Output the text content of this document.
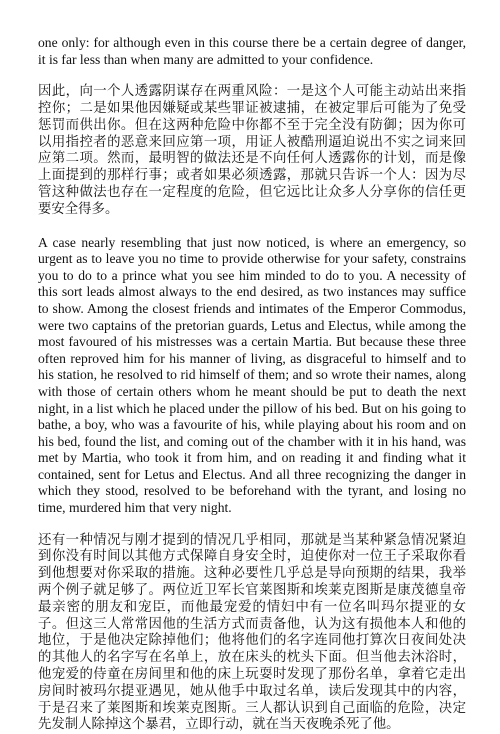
one only: for although even in this course there be a certain degree of danger, it is far less than when many are admitted to your confidence.

因此，向一个人透露阴谋存在两重风险：一是这个人可能主动站出来指控你；二是如果他因嫌疑或某些罪证被逮捕，在被定罪后可能为了免受惩罚而供出你。但在这两种危险中你都不至于完全没有防御；因为你可以用指控者的恶意来回应第一项，用证人被酷刑逼迫说出不实之词来回应第二项。然而，最明智的做法还是不向任何人透露你的计划，而是像上面提到的那样行事；或者如果必须透露，那就只告诉一个人：因为尽管这种做法也存在一定程度的危险，但它远比让众多人分享你的信任更要安全得多。

A case nearly resembling that just now noticed, is where an emergency, so urgent as to leave you no time to provide otherwise for your safety, constrains you to do to a prince what you see him minded to do to you. A necessity of this sort leads almost always to the end desired, as two instances may suffice to show. Among the closest friends and intimates of the Emperor Commodus, were two captains of the pretorian guards, Letus and Electus, while among the most favoured of his mistresses was a certain Martia. But because these three often reproved him for his manner of living, as disgraceful to himself and to his station, he resolved to rid himself of them; and so wrote their names, along with those of certain others whom he meant should be put to death the next night, in a list which he placed under the pillow of his bed. But on his going to bathe, a boy, who was a favourite of his, while playing about his room and on his bed, found the list, and coming out of the chamber with it in his hand, was met by Martia, who took it from him, and on reading it and finding what it contained, sent for Letus and Electus. And all three recognizing the danger in which they stood, resolved to be beforehand with the tyrant, and losing no time, murdered him that very night.

还有一种情况与刚才提到的情况几乎相同，那就是当某种紧急情况紧迫到你没有时间以其他方式保障自身安全时，迫使你对一位王子采取你看到他想要对你采取的措施。这种必要性几乎总是导向预期的结果，我举两个例子就足够了。两位近卫军长官莱图斯和埃莱克图斯是康茂德皇帝最亲密的朋友和宠臣，而他最宠爱的情妇中有一位名叫玛尔提亚的女子。但这三人常常因他的生活方式而责备他，认为这有损他本人和他的地位，于是他决定除掉他们；他将他们的名字连同他打算次日夜间处决的其他人的名字写在名单上，放在床头的枕头下面。但当他去沐浴时，他宠爱的侍童在房间里和他的床上玩耍时发现了那份名单，拿着它走出房间时被玛尔提亚遇见，她从他手中取过名单，读后发现其中的内容，于是召来了莱图斯和埃莱克图斯。三人都认识到自己面临的危险，决定先发制人除掉这个暴君，立即行动，就在当天夜晚杀死了他。
